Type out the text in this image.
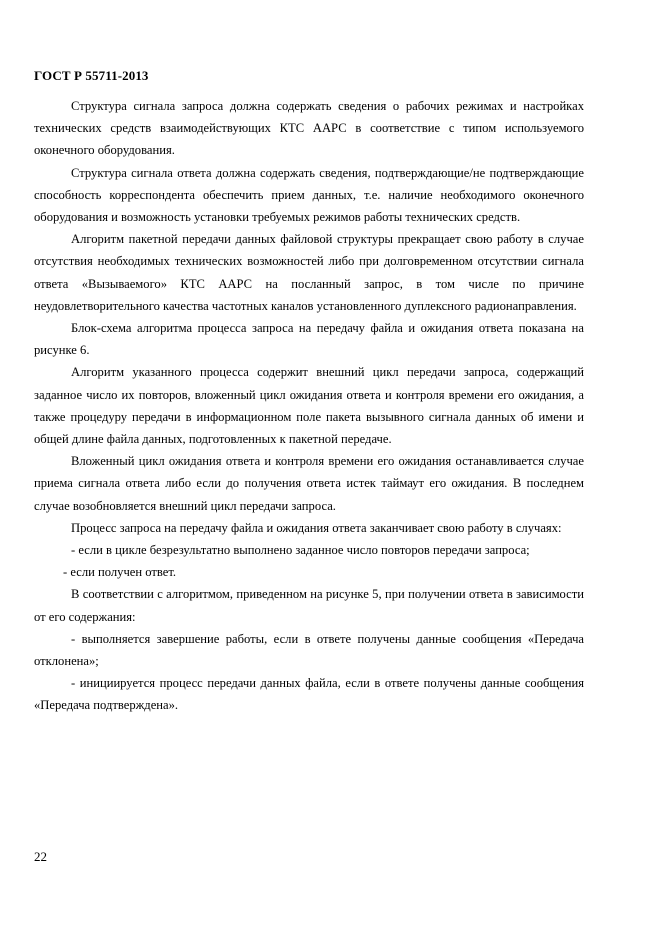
ГОСТ Р 55711-2013

Структура сигнала запроса должна содержать сведения о рабочих режимах и настройках технических средств взаимодействующих КТС ААРС в соответствие с типом используемого оконечного оборудования.

Структура сигнала ответа должна содержать сведения, подтверждающие/не подтверждающие способность корреспондента обеспечить прием данных, т.е. наличие необходимого оконечного оборудования и возможность установки требуемых режимов работы технических средств.

Алгоритм пакетной передачи данных файловой структуры прекращает свою работу в случае отсутствия необходимых технических возможностей либо при долговременном отсутствии сигнала ответа «Вызываемого» КТС ААРС на посланный запрос, в том числе по причине неудовлетворительного качества частотных каналов установленного дуплексного радионаправления.

Блок-схема алгоритма процесса запроса на передачу файла и ожидания ответа показана на рисунке 6.

Алгоритм указанного процесса содержит внешний цикл передачи запроса, содержащий заданное число их повторов, вложенный цикл ожидания ответа и контроля времени его ожидания, а также процедуру передачи в информационном поле пакета вызывного сигнала данных об имени и общей длине файла данных, подготовленных к пакетной передаче.

Вложенный цикл ожидания ответа и контроля времени его ожидания останавливается случае приема сигнала ответа либо если до получения ответа истек таймаут его ожидания. В последнем случае возобновляется внешний цикл передачи запроса.

Процесс запроса на передачу файла и ожидания ответа заканчивает свою работу в случаях:

- если в цикле безрезультатно выполнено заданное число повторов передачи запроса;

- если получен ответ.

В соответствии с алгоритмом, приведенном на рисунке 5, при получении ответа в зависимости от его содержания:

- выполняется завершение работы, если в ответе получены данные сообщения «Передача отклонена»;

- инициируется процесс передачи данных файла, если в ответе получены данные сообщения «Передача подтверждена».

22
